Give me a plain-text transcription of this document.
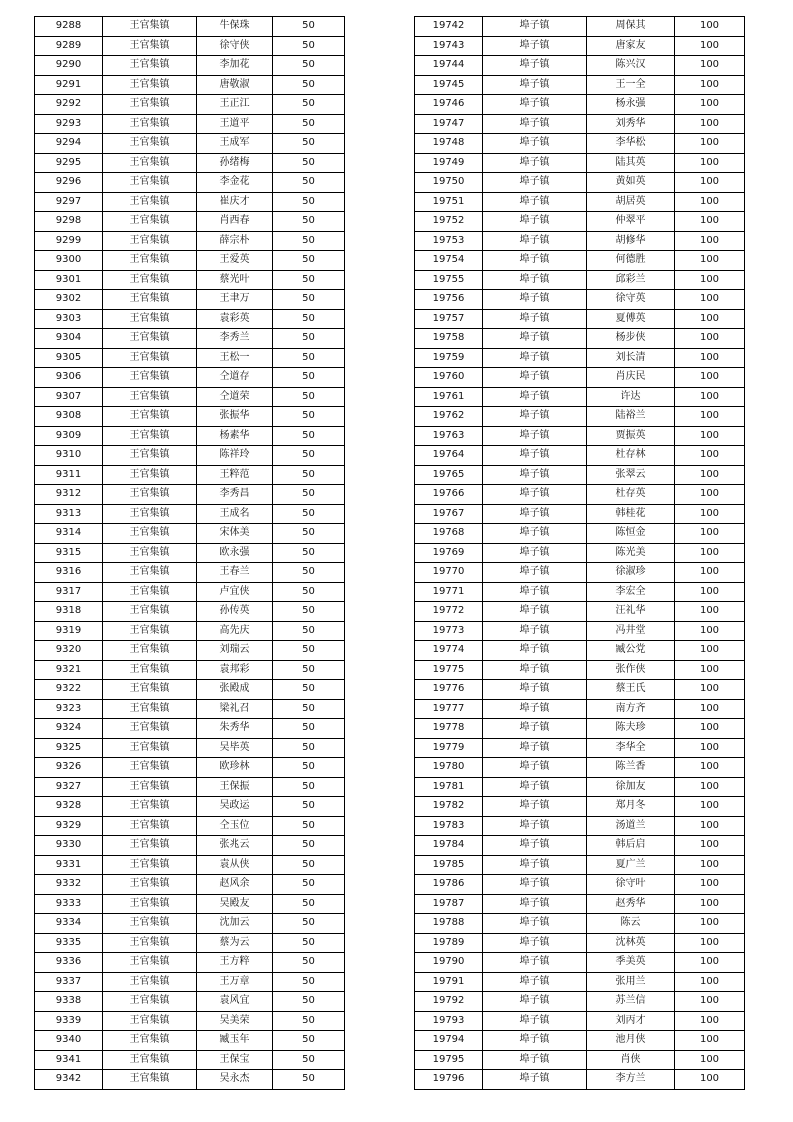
9288	王官集镇	牛保珠	50
9289	王官集镇	徐守侠	50
9290	王官集镇	李加花	50
9291	王官集镇	唐敬淑	50
9292	王官集镇	王正江	50
9293	王官集镇	王道平	50
9294	王官集镇	王成军	50
9295	王官集镇	孙绪梅	50
9296	王官集镇	李金花	50
9297	王官集镇	崔庆才	50
9298	王官集镇	肖西春	50
9299	王官集镇	薛宗朴	50
9300	王官集镇	王爱英	50
9301	王官集镇	蔡光叶	50
9302	王官集镇	王聿万	50
9303	王官集镇	袁彩英	50
9304	王官集镇	李秀兰	50
9305	王官集镇	王松一	50
9306	王官集镇	仝道存	50
9307	王官集镇	仝道荣	50
9308	王官集镇	张振华	50
9309	王官集镇	杨素华	50
9310	王官集镇	陈祥玲	50
9311	王官集镇	王粹范	50
9312	王官集镇	李秀昌	50
9313	王官集镇	王成名	50
9314	王官集镇	宋体美	50
9315	王官集镇	欧永强	50
9316	王官集镇	王春兰	50
9317	王官集镇	卢宜侠	50
9318	王官集镇	孙传英	50
9319	王官集镇	高先庆	50
9320	王官集镇	刘瑞云	50
9321	王官集镇	袁邦彩	50
9322	王官集镇	张殿成	50
9323	王官集镇	梁礼召	50
9324	王官集镇	朱秀华	50
9325	王官集镇	吴毕英	50
9326	王官集镇	欧珍林	50
9327	王官集镇	王保振	50
9328	王官集镇	吴政运	50
9329	王官集镇	仝玉位	50
9330	王官集镇	张兆云	50
9331	王官集镇	袁从侠	50
9332	王官集镇	赵风余	50
9333	王官集镇	吴殿友	50
9334	王官集镇	沈加云	50
9335	王官集镇	蔡为云	50
9336	王官集镇	王方粹	50
9337	王官集镇	王万章	50
9338	王官集镇	袁风宜	50
9339	王官集镇	吴美荣	50
9340	王官集镇	臧玉年	50
9341	王官集镇	王保宝	50
9342	王官集镇	吴永杰	50
19742	埠子镇	周保其	100
19743	埠子镇	唐家友	100
19744	埠子镇	陈兴汉	100
19745	埠子镇	王一全	100
19746	埠子镇	杨永强	100
19747	埠子镇	刘秀华	100
19748	埠子镇	李华松	100
19749	埠子镇	陆其英	100
19750	埠子镇	黄如英	100
19751	埠子镇	胡居英	100
19752	埠子镇	仲翠平	100
19753	埠子镇	胡修华	100
19754	埠子镇	何德胜	100
19755	埠子镇	邱彩兰	100
19756	埠子镇	徐守英	100
19757	埠子镇	夏傅英	100
19758	埠子镇	杨步侠	100
19759	埠子镇	刘长清	100
19760	埠子镇	肖庆民	100
19761	埠子镇	许达	100
19762	埠子镇	陆裕兰	100
19763	埠子镇	贾振英	100
19764	埠子镇	杜存林	100
19765	埠子镇	张翠云	100
19766	埠子镇	杜存英	100
19767	埠子镇	韩桂花	100
19768	埠子镇	陈恒金	100
19769	埠子镇	陈光美	100
19770	埠子镇	徐淑珍	100
19771	埠子镇	李宏全	100
19772	埠子镇	汪礼华	100
19773	埠子镇	冯井堂	100
19774	埠子镇	臧公党	100
19775	埠子镇	张作侠	100
19776	埠子镇	蔡王氏	100
19777	埠子镇	南方齐	100
19778	埠子镇	陈夫珍	100
19779	埠子镇	李华全	100
19780	埠子镇	陈兰香	100
19781	埠子镇	徐加友	100
19782	埠子镇	郑月冬	100
19783	埠子镇	汤道兰	100
19784	埠子镇	韩后启	100
19785	埠子镇	夏广兰	100
19786	埠子镇	徐守叶	100
19787	埠子镇	赵秀华	100
19788	埠子镇	陈云	100
19789	埠子镇	沈林英	100
19790	埠子镇	季美英	100
19791	埠子镇	张用兰	100
19792	埠子镇	苏兰信	100
19793	埠子镇	刘丙才	100
19794	埠子镇	池月侠	100
19795	埠子镇	肖侠	100
19796	埠子镇	李方兰	100
